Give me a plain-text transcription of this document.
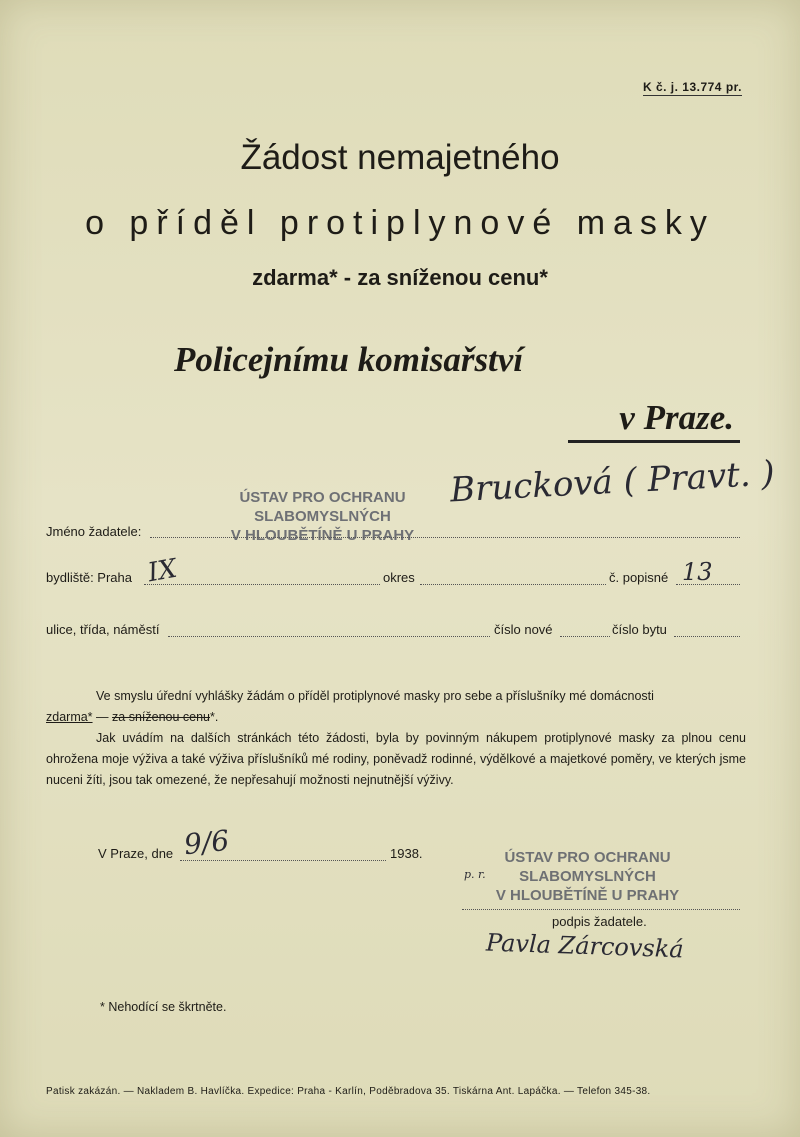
K č. j. 13.774 pr.
Žádost nemajetného
o příděl protiplynové masky
zdarma* - za sníženou cenu*
Policejnímu komisařství
v Praze.
ÚSTAV PRO OCHRANU
SLABOMYSLNÝCH
V HLOUBĚTÍNĚ U PRAHY
Jméno žadatele:
Brucková ( Pravt. )
bydliště: Praha IX	okres	č. popisné 13
ulice, třída, náměstí	číslo nové	číslo bytu
Ve smyslu úřední vyhlášky žádám o příděl protiplynové masky pro sebe a příslušníky mé domácnosti
zdarma* — za sníženou cenu*.
Jak uvádím na dalších stránkách této žádosti, byla by povinným nákupem protiplynové masky za plnou cenu ohrožena moje výživa a také výživa příslušníků mé rodiny, poněvadž rodinné, výdělkové a majetkové poměry, ve kterých jsme nuceni žíti, jsou tak omezené, že nepřesahují možnosti nejnutnější výživy.
V Praze, dne 9/6	1938.	ÚSTAV PRO OCHRANU
SLABOMYSLNÝCH
V HLOUBĚTÍNĚ U PRAHY
p. r.
podpis žadatele.
Pavla Zárcovská
* Nehodící se škrtněte.
Patisk zakázán. — Nakladem B. Havlíčka. Expedice: Praha - Karlín, Poděbradova 35. Tiskárna Ant. Lapáčka. — Telefon 345-38.
